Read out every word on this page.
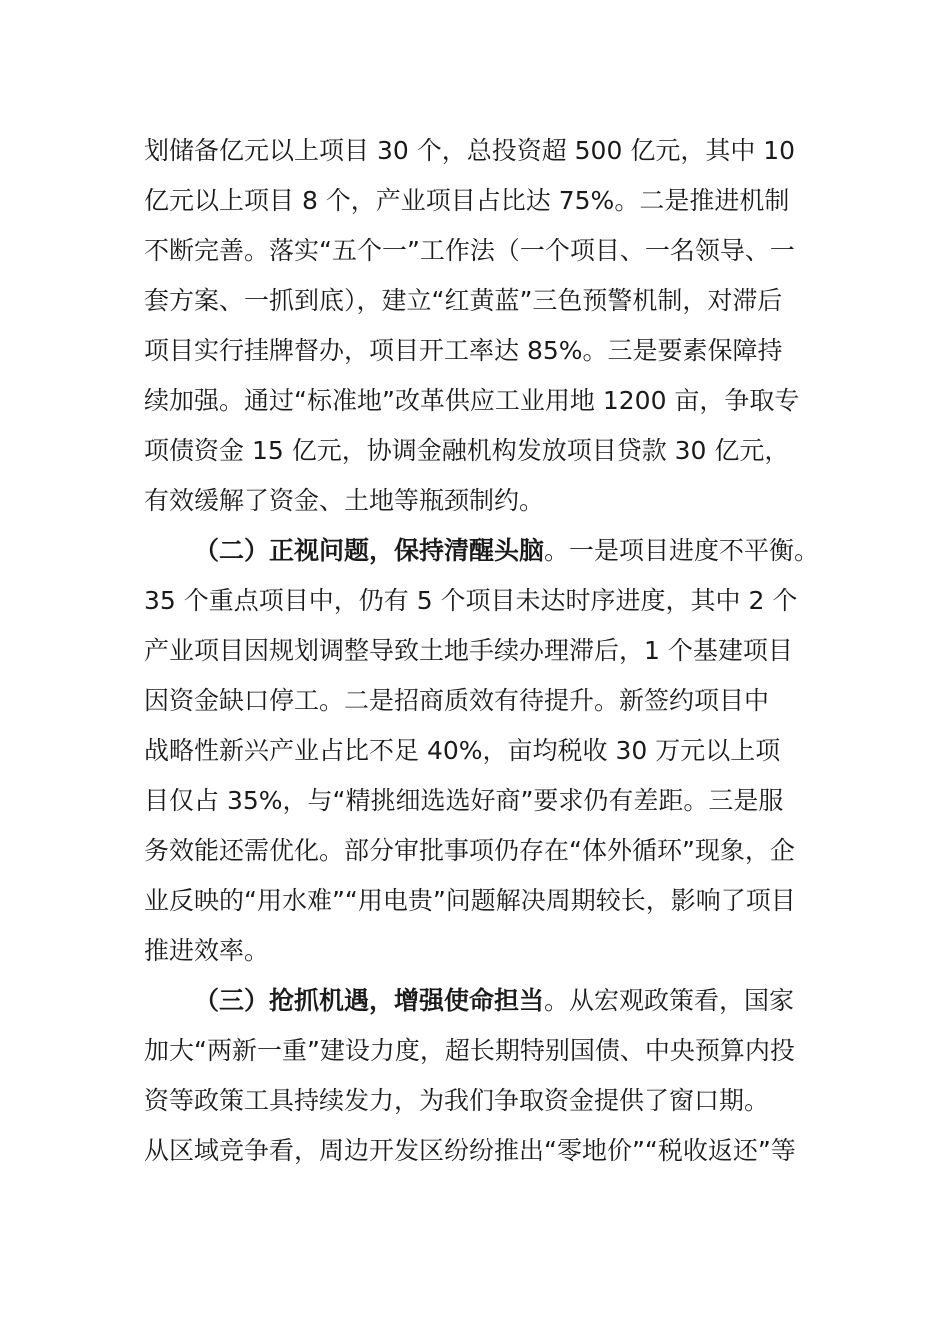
划储备亿元以上项目 30 个，总投资超 500 亿元，其中 10
亿元以上项目 8 个，产业项目占比达 75%。二是推进机制
不断完善。落实“五个一”工作法（一个项目、一名领导、一
套方案、一抓到底），建立“红黄蓝”三色预警机制，对滞后
项目实行挂牌督办，项目开工率达 85%。三是要素保障持
续加强。通过“标准地”改革供应工业用地 1200 亩，争取专
项债资金 15 亿元，协调金融机构发放项目贷款 30 亿元，
有效缓解了资金、土地等瓶颈制约。
（二）正视问题，保持清醒头脑。一是项目进度不平衡。
35 个重点项目中，仍有 5 个项目未达时序进度，其中 2 个
产业项目因规划调整导致土地手续办理滞后，1 个基建项目
因资金缺口停工。二是招商质效有待提升。新签约项目中
战略性新兴产业占比不足 40%，亩均税收 30 万元以上项
目仅占 35%，与“精挑细选选好商”要求仍有差距。三是服
务效能还需优化。部分审批事项仍存在“体外循环”现象，企
业反映的“用水难”“用电贵”问题解决周期较长，影响了项目
推进效率。
（三）抢抓机遇，增强使命担当。从宏观政策看，国家
加大“两新一重”建设力度，超长期特别国债、中央预算内投
资等政策工具持续发力，为我们争取资金提供了窗口期。
从区域竞争看，周边开发区纷纷推出“零地价”“税收返还”等
